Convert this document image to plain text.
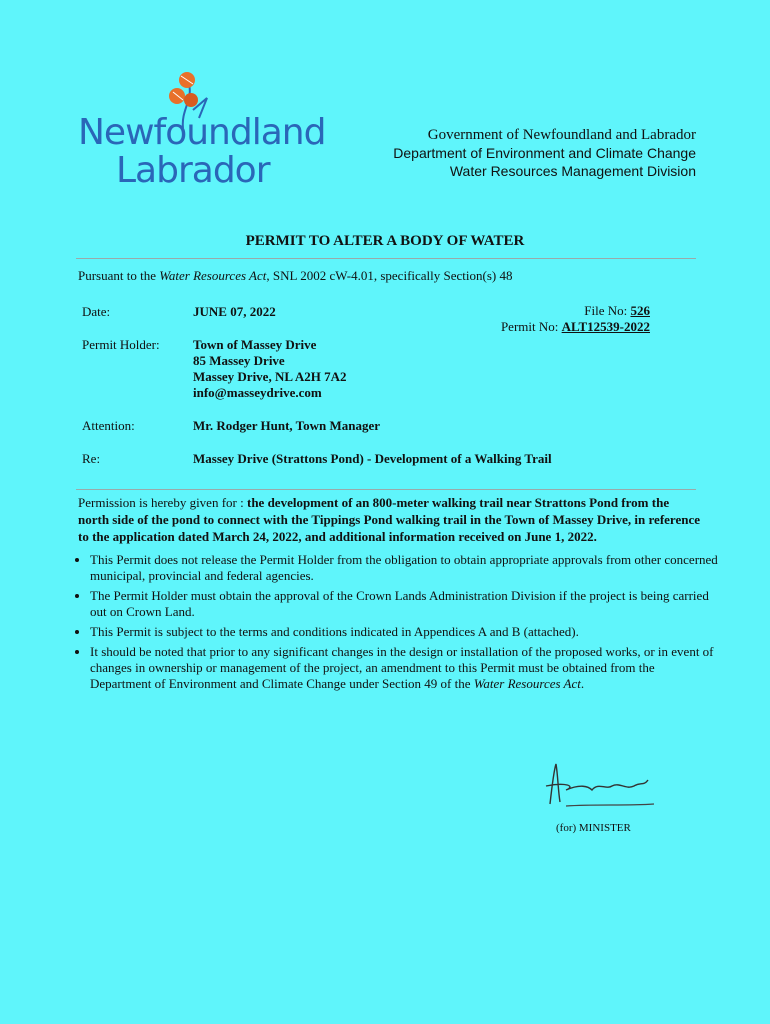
Newfoundland
Labrador
Government of Newfoundland and Labrador
Department of Environment and Climate Change
Water Resources Management Division
PERMIT TO ALTER A BODY OF WATER
Pursuant to the Water Resources Act, SNL 2002 cW-4.01, specifically Section(s) 48
Date:	JUNE 07, 2022	File No: 526
Permit No: ALT12539-2022
Permit Holder:	Town of Massey Drive
85 Massey Drive
Massey Drive, NL A2H 7A2
info@masseydrive.com
Attention:	Mr. Rodger Hunt, Town Manager
Re:	Massey Drive (Strattons Pond) - Development of a Walking Trail
Permission is hereby given for : the development of an 800-meter walking trail near Strattons Pond from the north side of the pond to connect with the Tippings Pond walking trail in the Town of Massey Drive, in reference to the application dated March 24, 2022, and additional information received on June 1, 2022.
• This Permit does not release the Permit Holder from the obligation to obtain appropriate approvals from other concerned municipal, provincial and federal agencies.
• The Permit Holder must obtain the approval of the Crown Lands Administration Division if the project is being carried out on Crown Land.
• This Permit is subject to the terms and conditions indicated in Appendices A and B (attached).
• It should be noted that prior to any significant changes in the design or installation of the proposed works, or in event of changes in ownership or management of the project, an amendment to this Permit must be obtained from the Department of Environment and Climate Change under Section 49 of the Water Resources Act.
(for) MINISTER
